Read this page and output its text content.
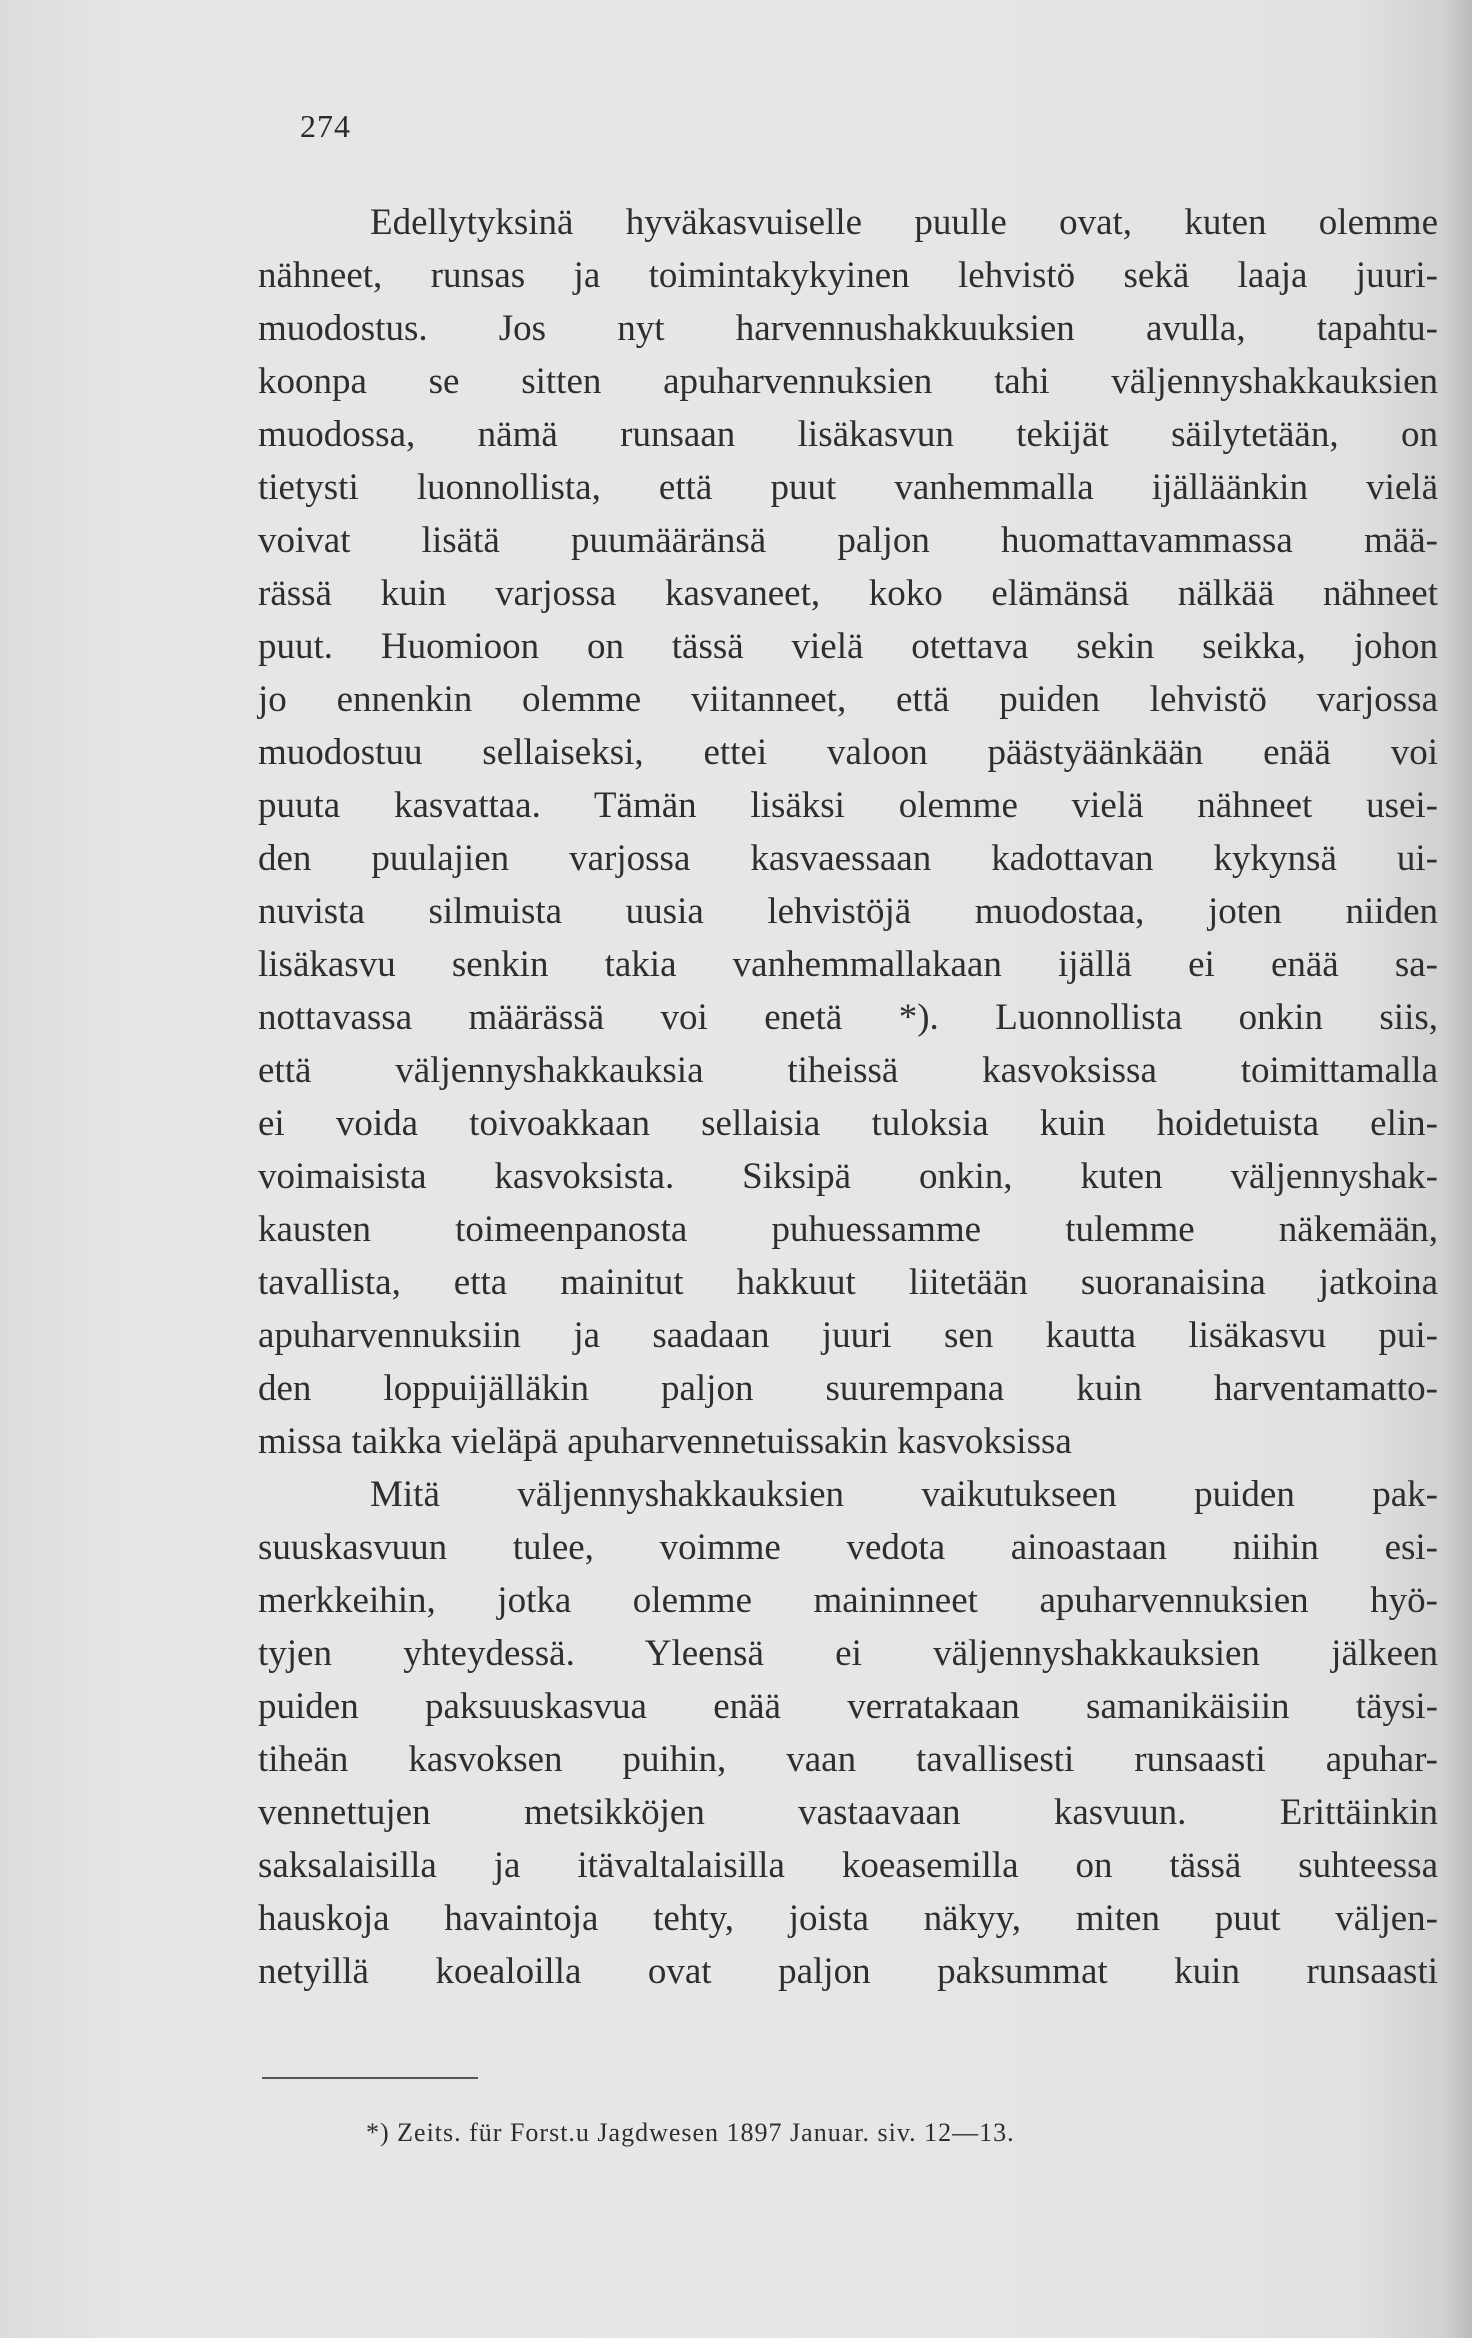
274
Edellytyksinä hyväkasvuiselle puulle ovat, kuten olemme
nähneet, runsas ja toimintakykyinen lehvistö sekä laaja juuri-
muodostus. Jos nyt harvennushakkuuksien avulla, tapahtu-
koonpa se sitten apuharvennuksien tahi väljennyshakkauksien
muodossa, nämä runsaan lisäkasvun tekijät säilytetään, on
tietysti luonnollista, että puut vanhemmalla ijälläänkin vielä
voivat lisätä puumääränsä paljon huomattavammassa mää-
rässä kuin varjossa kasvaneet, koko elämänsä nälkää nähneet
puut. Huomioon on tässä vielä otettava sekin seikka, johon
jo ennenkin olemme viitanneet, että puiden lehvistö varjossa
muodostuu sellaiseksi, ettei valoon päästyäänkään enää voi
puuta kasvattaa. Tämän lisäksi olemme vielä nähneet usei-
den puulajien varjossa kasvaessaan kadottavan kykynsä ui-
nuvista silmuista uusia lehvistöjä muodostaa, joten niiden
lisäkasvu senkin takia vanhemmallakaan ijällä ei enää sa-
nottavassa määrässä voi enetä *). Luonnollista onkin siis,
että väljennyshakkauksia tiheissä kasvoksissa toimittamalla
ei voida toivoakkaan sellaisia tuloksia kuin hoidetuista elin-
voimaisista kasvoksista. Siksipä onkin, kuten väljennyshak-
kausten toimeenpanosta puhuessamme tulemme näkemään,
tavallista, etta mainitut hakkuut liitetään suoranaisina jatkoina
apuharvennuksiin ja saadaan juuri sen kautta lisäkasvu pui-
den loppuijälläkin paljon suurempana kuin harventamatto-
missa taikka vieläpä apuharvennetuissakin kasvoksissa
Mitä väljennyshakkauksien vaikutukseen puiden pak-
suuskasvuun tulee, voimme vedota ainoastaan niihin esi-
merkkeihin, jotka olemme maininneet apuharvennuksien hyö-
tyjen yhteydessä. Yleensä ei väljennyshakkauksien jälkeen
puiden paksuuskasvua enää verratakaan samanikäisiin täysi-
tiheän kasvoksen puihin, vaan tavallisesti runsaasti apuhar-
vennettujen metsikköjen vastaavaan kasvuun. Erittäinkin
saksalaisilla ja itävaltalaisilla koeasemilla on tässä suhteessa
hauskoja havaintoja tehty, joista näkyy, miten puut väljen-
netyillä koealoilla ovat paljon paksummat kuin runsaasti
*) Zeits. für Forst.u Jagdwesen 1897 Januar. siv. 12—13.
